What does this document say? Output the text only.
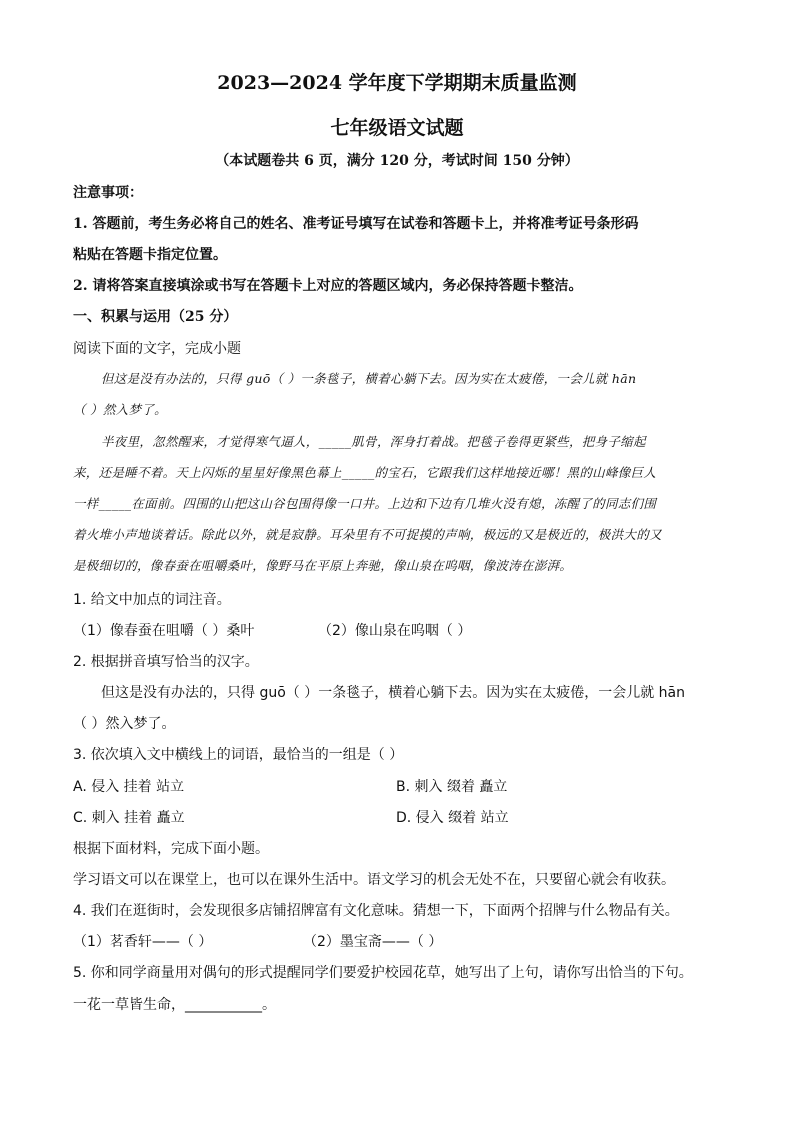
2023—2024 学年度下学期期末质量监测
七年级语文试题
（本试题卷共 6 页，满分 120 分，考试时间 150 分钟）
注意事项：
1. 答题前，考生务必将自己的姓名、准考证号填写在试卷和答题卡上，并将准考证号条形码
粘贴在答题卡指定位置。
2. 请将答案直接填涂或书写在答题卡上对应的答题区域内，务必保持答题卡整洁。
一、积累与运用（25 分）
阅读下面的文字，完成小题
但这是没有办法的，只得 guō（ ）一条毯子，横着心躺下去。因为实在太疲倦，一会儿就 hān
（ ）然入梦了。
半夜里，忽然醒来，才觉得寒气逼人，_____肌骨，浑身打着战。把毯子卷得更紧些，把身子缩起
来，还是睡不着。天上闪烁的星星好像黑色幕上_____的宝石，它跟我们这样地接近哪！黑的山峰像巨人
一样_____在面前。四围的山把这山谷包围得像一口井。上边和下边有几堆火没有熄，冻醒了的同志们围
着火堆小声地谈着话。除此以外，就是寂静。耳朵里有不可捉摸的声响，极远的又是极近的，极洪大的又
是极细切的，像春蚕在咀嚼桑叶，像野马在平原上奔驰，像山泉在呜咽，像波涛在澎湃。
1. 给文中加点的词注音。
（1）像春蚕在咀嚼（ ）桑叶	（2）像山泉在呜咽（ ）
2. 根据拼音填写恰当的汉字。
但这是没有办法的，只得 guō（ ）一条毯子，横着心躺下去。因为实在太疲倦，一会儿就 hān
（ ）然入梦了。
3. 依次填入文中横线上的词语，最恰当的一组是（ ）
A. 侵入 挂着 站立	B. 刺入 缀着 矗立
C. 刺入 挂着 矗立	D. 侵入 缀着 站立
根据下面材料，完成下面小题。
学习语文可以在课堂上，也可以在课外生活中。语文学习的机会无处不在，只要留心就会有收获。
4. 我们在逛街时，会发现很多店铺招牌富有文化意味。猜想一下，下面两个招牌与什么物品有关。
（1）茗香轩——（ ）	（2）墨宝斋——（ ）
5. 你和同学商量用对偶句的形式提醒同学们要爱护校园花草，她写出了上句，请你写出恰当的下句。
一花一草皆生命，___________。
